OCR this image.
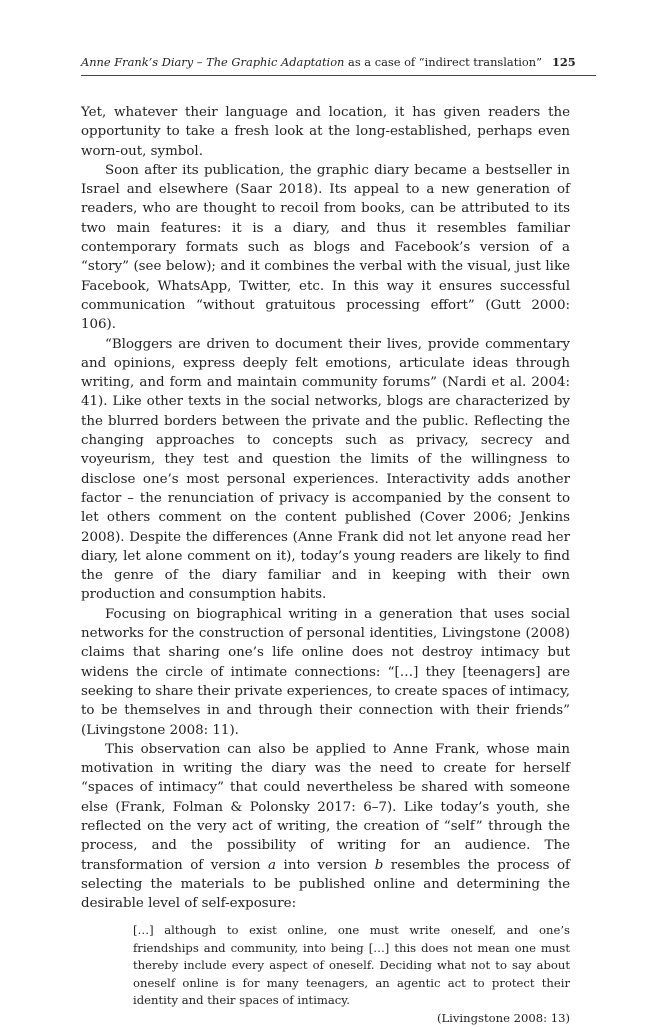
Anne Frank’s Diary – The Graphic Adaptation as a case of “indirect translation” 125

Yet, whatever their language and location, it has given readers the opportunity to take a fresh look at the long-established, perhaps even worn-out, symbol.

Soon after its publication, the graphic diary became a bestseller in Israel and elsewhere (Saar 2018). Its appeal to a new generation of readers, who are thought to recoil from books, can be attributed to its two main features: it is a diary, and thus it resembles familiar contemporary formats such as blogs and Facebook’s version of a “story” (see below); and it combines the verbal with the visual, just like Facebook, WhatsApp, Twitter, etc. In this way it ensures successful communication “without gratuitous processing effort” (Gutt 2000: 106).

“Bloggers are driven to document their lives, provide commentary and opinions, express deeply felt emotions, articulate ideas through writing, and form and maintain community forums” (Nardi et al. 2004: 41). Like other texts in the social networks, blogs are characterized by the blurred borders between the private and the public. Reflecting the changing approaches to concepts such as privacy, secrecy and voyeurism, they test and question the limits of the willingness to disclose one’s most personal experiences. Interactivity adds another factor – the renunciation of privacy is accompanied by the consent to let others comment on the content published (Cover 2006; Jenkins 2008). Despite the differences (Anne Frank did not let anyone read her diary, let alone comment on it), today’s young readers are likely to find the genre of the diary familiar and in keeping with their own production and consumption habits.

Focusing on biographical writing in a generation that uses social networks for the construction of personal identities, Livingstone (2008) claims that sharing one’s life online does not destroy intimacy but widens the circle of intimate connections: “[…] they [teenagers] are seeking to share their private experiences, to create spaces of intimacy, to be themselves in and through their connection with their friends” (Livingstone 2008: 11).

This observation can also be applied to Anne Frank, whose main motivation in writing the diary was the need to create for herself “spaces of intimacy” that could nevertheless be shared with someone else (Frank, Folman & Polonsky 2017: 6–7). Like today’s youth, she reflected on the very act of writing, the creation of “self” through the process, and the possibility of writing for an audience. The transformation of version a into version b resembles the process of selecting the materials to be published online and determining the desirable level of self-exposure:

[…] although to exist online, one must write oneself, and one’s friendships and community, into being […] this does not mean one must thereby include every aspect of oneself. Deciding what not to say about oneself online is for many teenagers, an agentic act to protect their identity and their spaces of intimacy.

(Livingstone 2008: 13)
